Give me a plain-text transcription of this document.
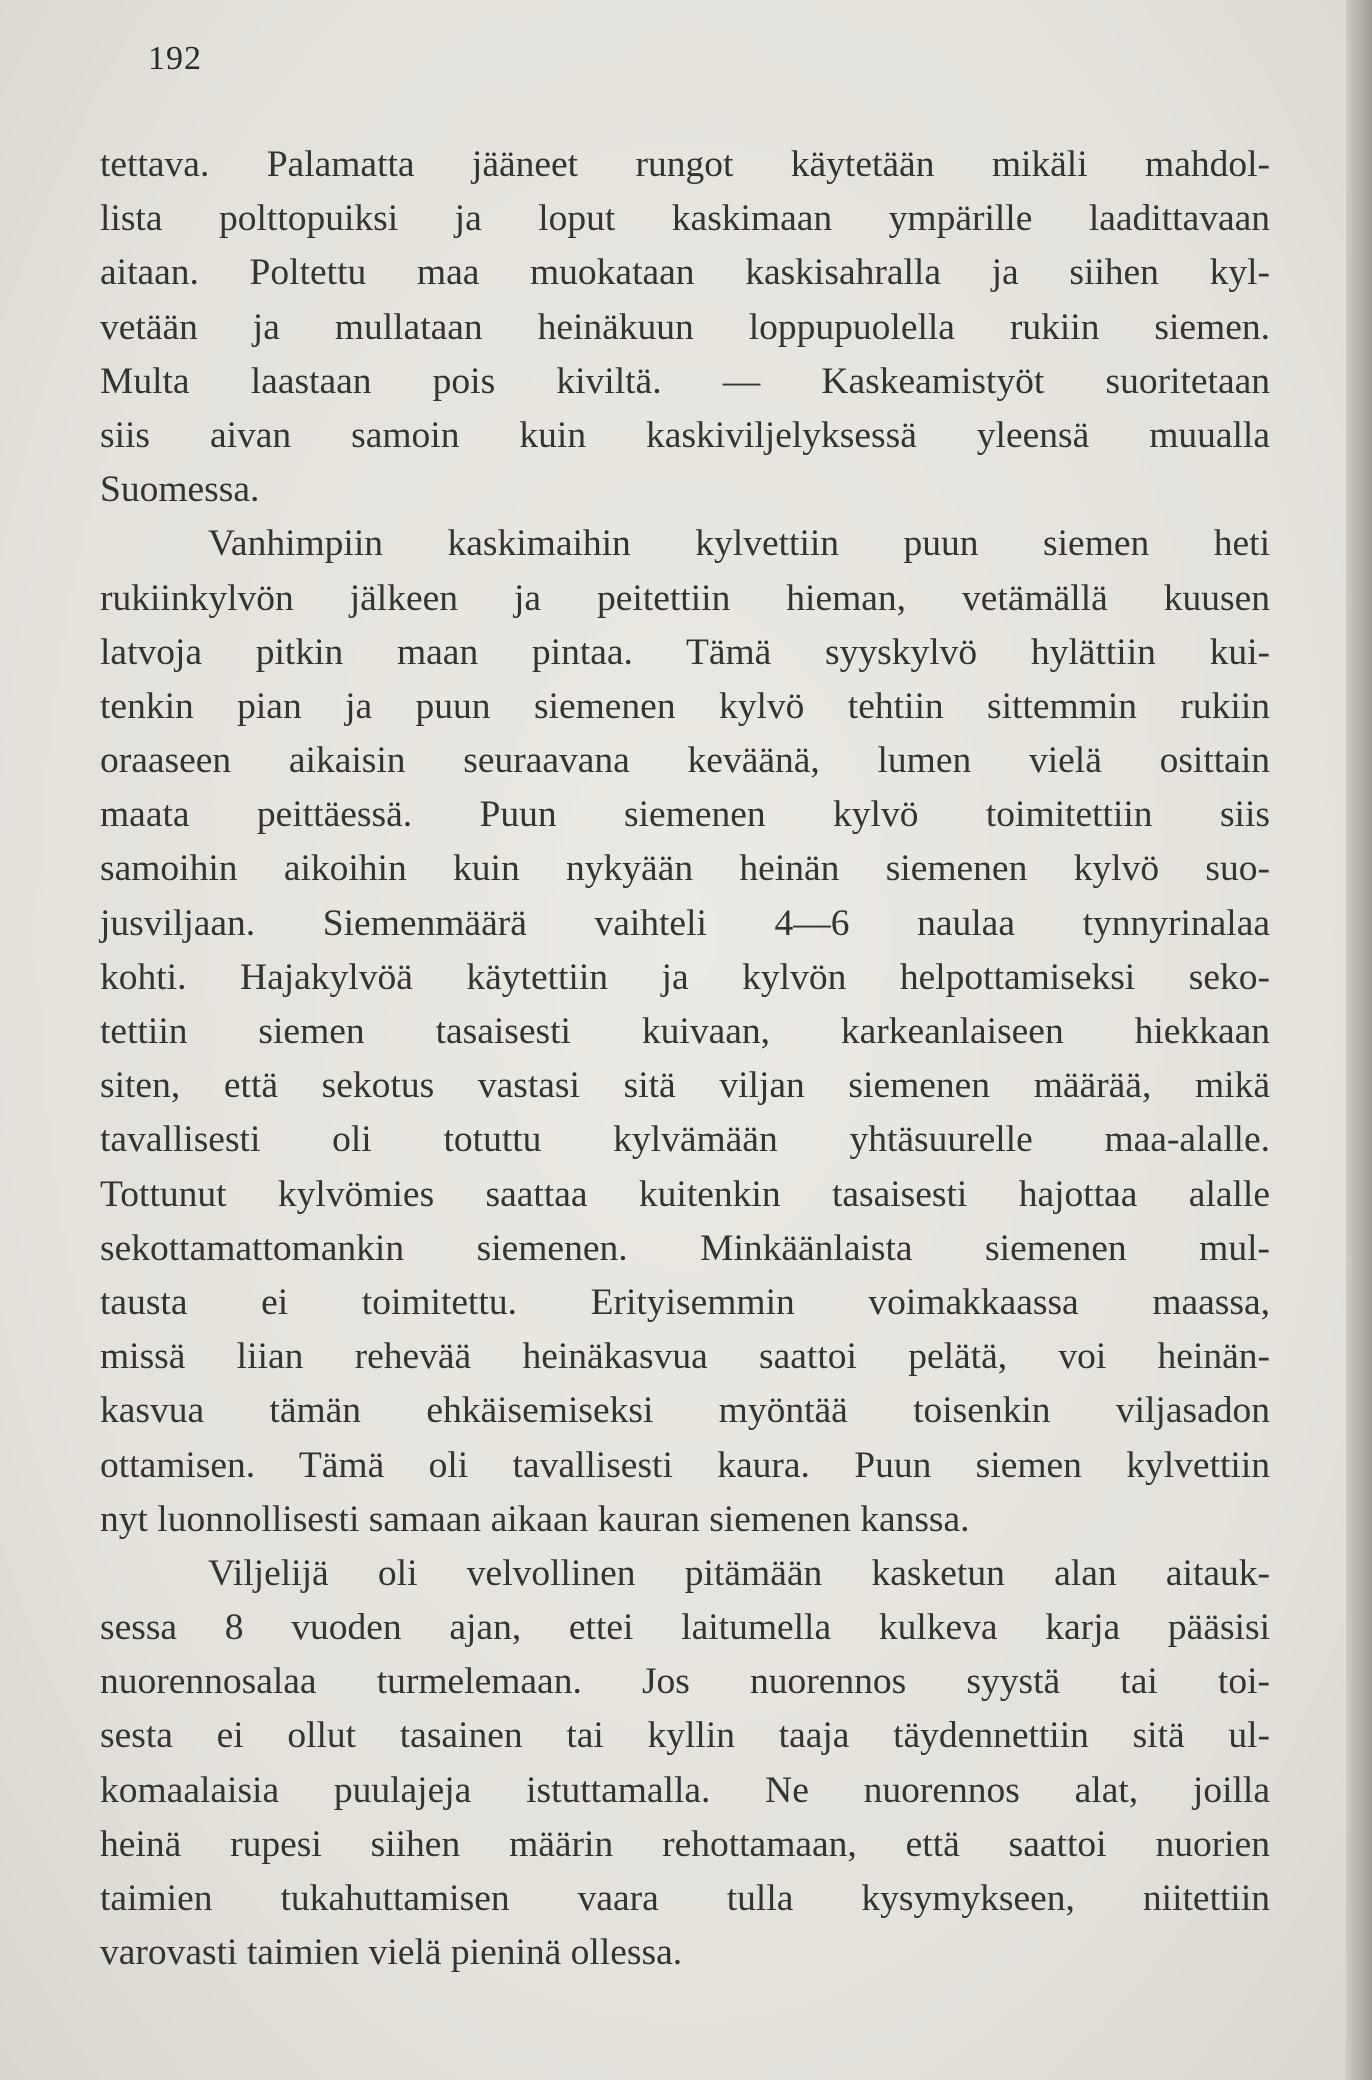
192
tettava. Palamatta jääneet rungot käytetään mikäli mahdol-
lista polttopuiksi ja loput kaskimaan ympärille laadittavaan
aitaan. Poltettu maa muokataan kaskisahralla ja siihen kyl-
vetään ja mullataan heinäkuun loppupuolella rukiin siemen.
Multa laastaan pois kiviltä. — Kaskeamistyöt suoritetaan
siis aivan samoin kuin kaskiviljelyksessä yleensä muualla
Suomessa.
Vanhimpiin kaskimaihin kylvettiin puun siemen heti
rukiinkylvön jälkeen ja peitettiin hieman, vetämällä kuusen
latvoja pitkin maan pintaa. Tämä syyskylvö hylättiin kui-
tenkin pian ja puun siemenen kylvö tehtiin sittemmin rukiin
oraaseen aikaisin seuraavana keväänä, lumen vielä osittain
maata peittäessä. Puun siemenen kylvö toimitettiin siis
samoihin aikoihin kuin nykyään heinän siemenen kylvö suo-
jusviljaan. Siemenmäärä vaihteli 4—6 naulaa tynnyrinalaa
kohti. Hajakylvöä käytettiin ja kylvön helpottamiseksi seko-
tettiin siemen tasaisesti kuivaan, karkeanlaiseen hiekkaan
siten, että sekotus vastasi sitä viljan siemenen määrää, mikä
tavallisesti oli totuttu kylvämään yhtäsuurelle maa-alalle.
Tottunut kylvömies saattaa kuitenkin tasaisesti hajottaa alalle
sekottamattomankin siemenen. Minkäänlaista siemenen mul-
tausta ei toimitettu. Erityisemmin voimakkaassa maassa,
missä liian rehevää heinäkasvua saattoi pelätä, voi heinän-
kasvua tämän ehkäisemiseksi myöntää toisenkin viljasadon
ottamisen. Tämä oli tavallisesti kaura. Puun siemen kylvettiin
nyt luonnollisesti samaan aikaan kauran siemenen kanssa.
Viljelijä oli velvollinen pitämään kasketun alan aitauk-
sessa 8 vuoden ajan, ettei laitumella kulkeva karja pääsisi
nuorennosalaa turmelemaan. Jos nuorennos syystä tai toi-
sesta ei ollut tasainen tai kyllin taaja täydennettiin sitä ul-
komaalaisia puulajeja istuttamalla. Ne nuorennos alat, joilla
heinä rupesi siihen määrin rehottamaan, että saattoi nuorien
taimien tukahuttamisen vaara tulla kysymykseen, niitettiin
varovasti taimien vielä pieninä ollessa.
